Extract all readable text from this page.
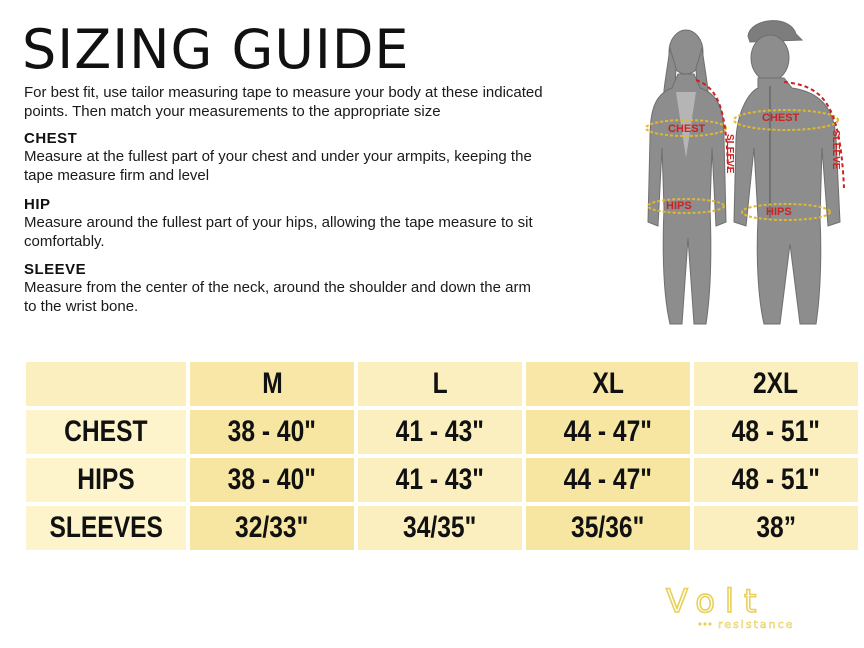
SIZING GUIDE
For best fit, use tailor measuring tape to measure your body at these indicated points. Then match your measurements to the appropriate size
CHEST

Measure at the fullest part of your chest and under your armpits, keeping the tape measure firm and level

HIP

Measure around the fullest part of your hips, allowing the tape measure to sit comfortably.

SLEEVE

Measure from the center of the neck, around the shoulder and down the arm to the wrist bone.

CHEST
HIPS
SLEEVE
CHEST
HIPS
SLEEVE
	M	L	XL	2XL
CHEST	38 - 40"	41 - 43"	44 - 47"	48 - 51"
HIPS	38 - 40"	41 - 43"	44 - 47"	48 - 51"
SLEEVES	32/33"	34/35"	35/36"	38”
Volt
resistance
